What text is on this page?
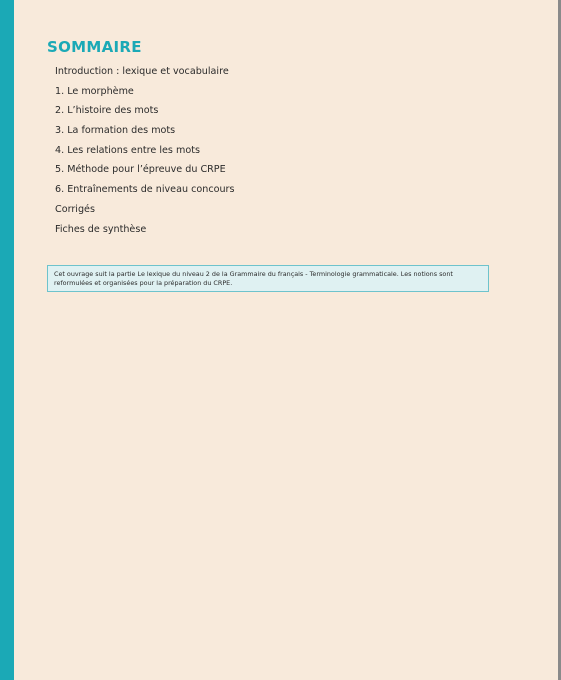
SOMMAIRE
Introduction : lexique et vocabulaire
1. Le morphème
2. L’histoire des mots
3. La formation des mots
4. Les relations entre les mots
5. Méthode pour l’épreuve du CRPE
6. Entraînements de niveau concours
Corrigés
Fiches de synthèse
Cet ouvrage suit la partie Le lexique du niveau 2 de la Grammaire du français - Terminologie grammaticale. Les notions sont reformulées et organisées pour la préparation du CRPE.
